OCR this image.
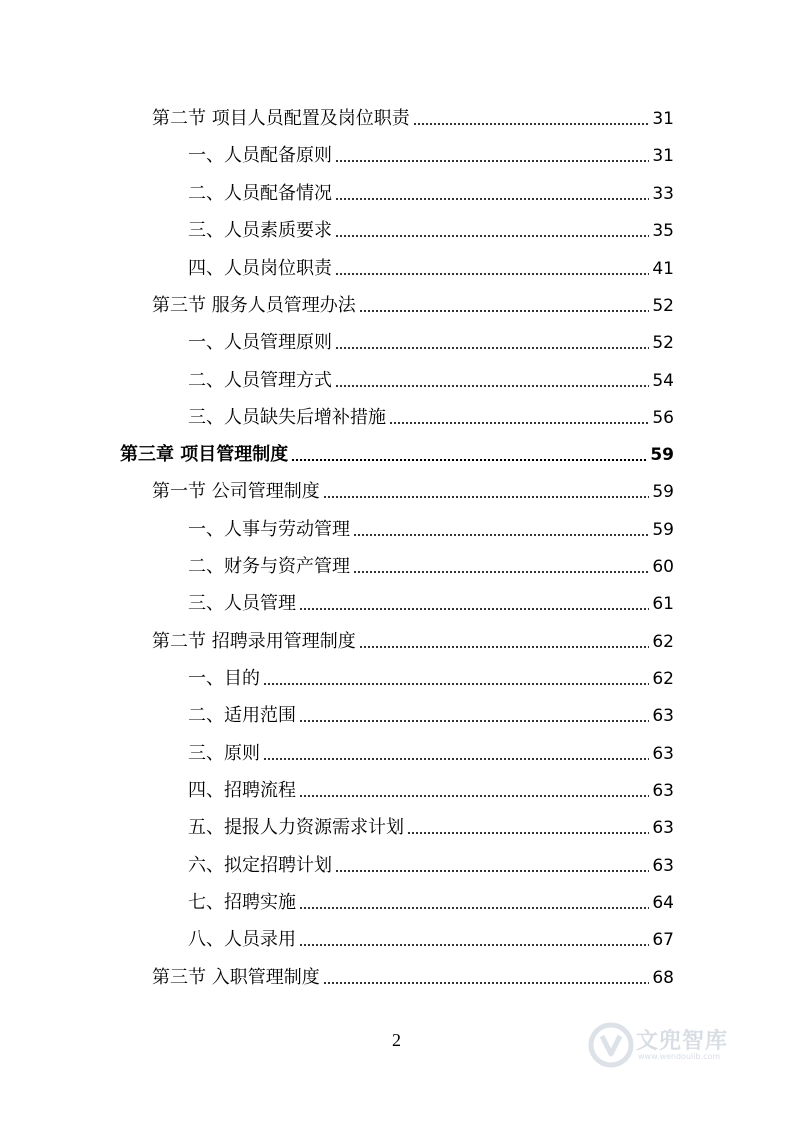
第二节 项目人员配置及岗位职责	31
一、人员配备原则	31
二、人员配备情况	33
三、人员素质要求	35
四、人员岗位职责	41
第三节 服务人员管理办法	52
一、人员管理原则	52
二、人员管理方式	54
三、人员缺失后增补措施	56
第三章 项目管理制度	59
第一节 公司管理制度	59
一、人事与劳动管理	59
二、财务与资产管理	60
三、人员管理	61
第二节 招聘录用管理制度	62
一、目的	62
二、适用范围	63
三、原则	63
四、招聘流程	63
五、提报人力资源需求计划	63
六、拟定招聘计划	63
七、招聘实施	64
八、人员录用	67
第三节 入职管理制度	68
2	文兜智库
www.wendoulib.com
